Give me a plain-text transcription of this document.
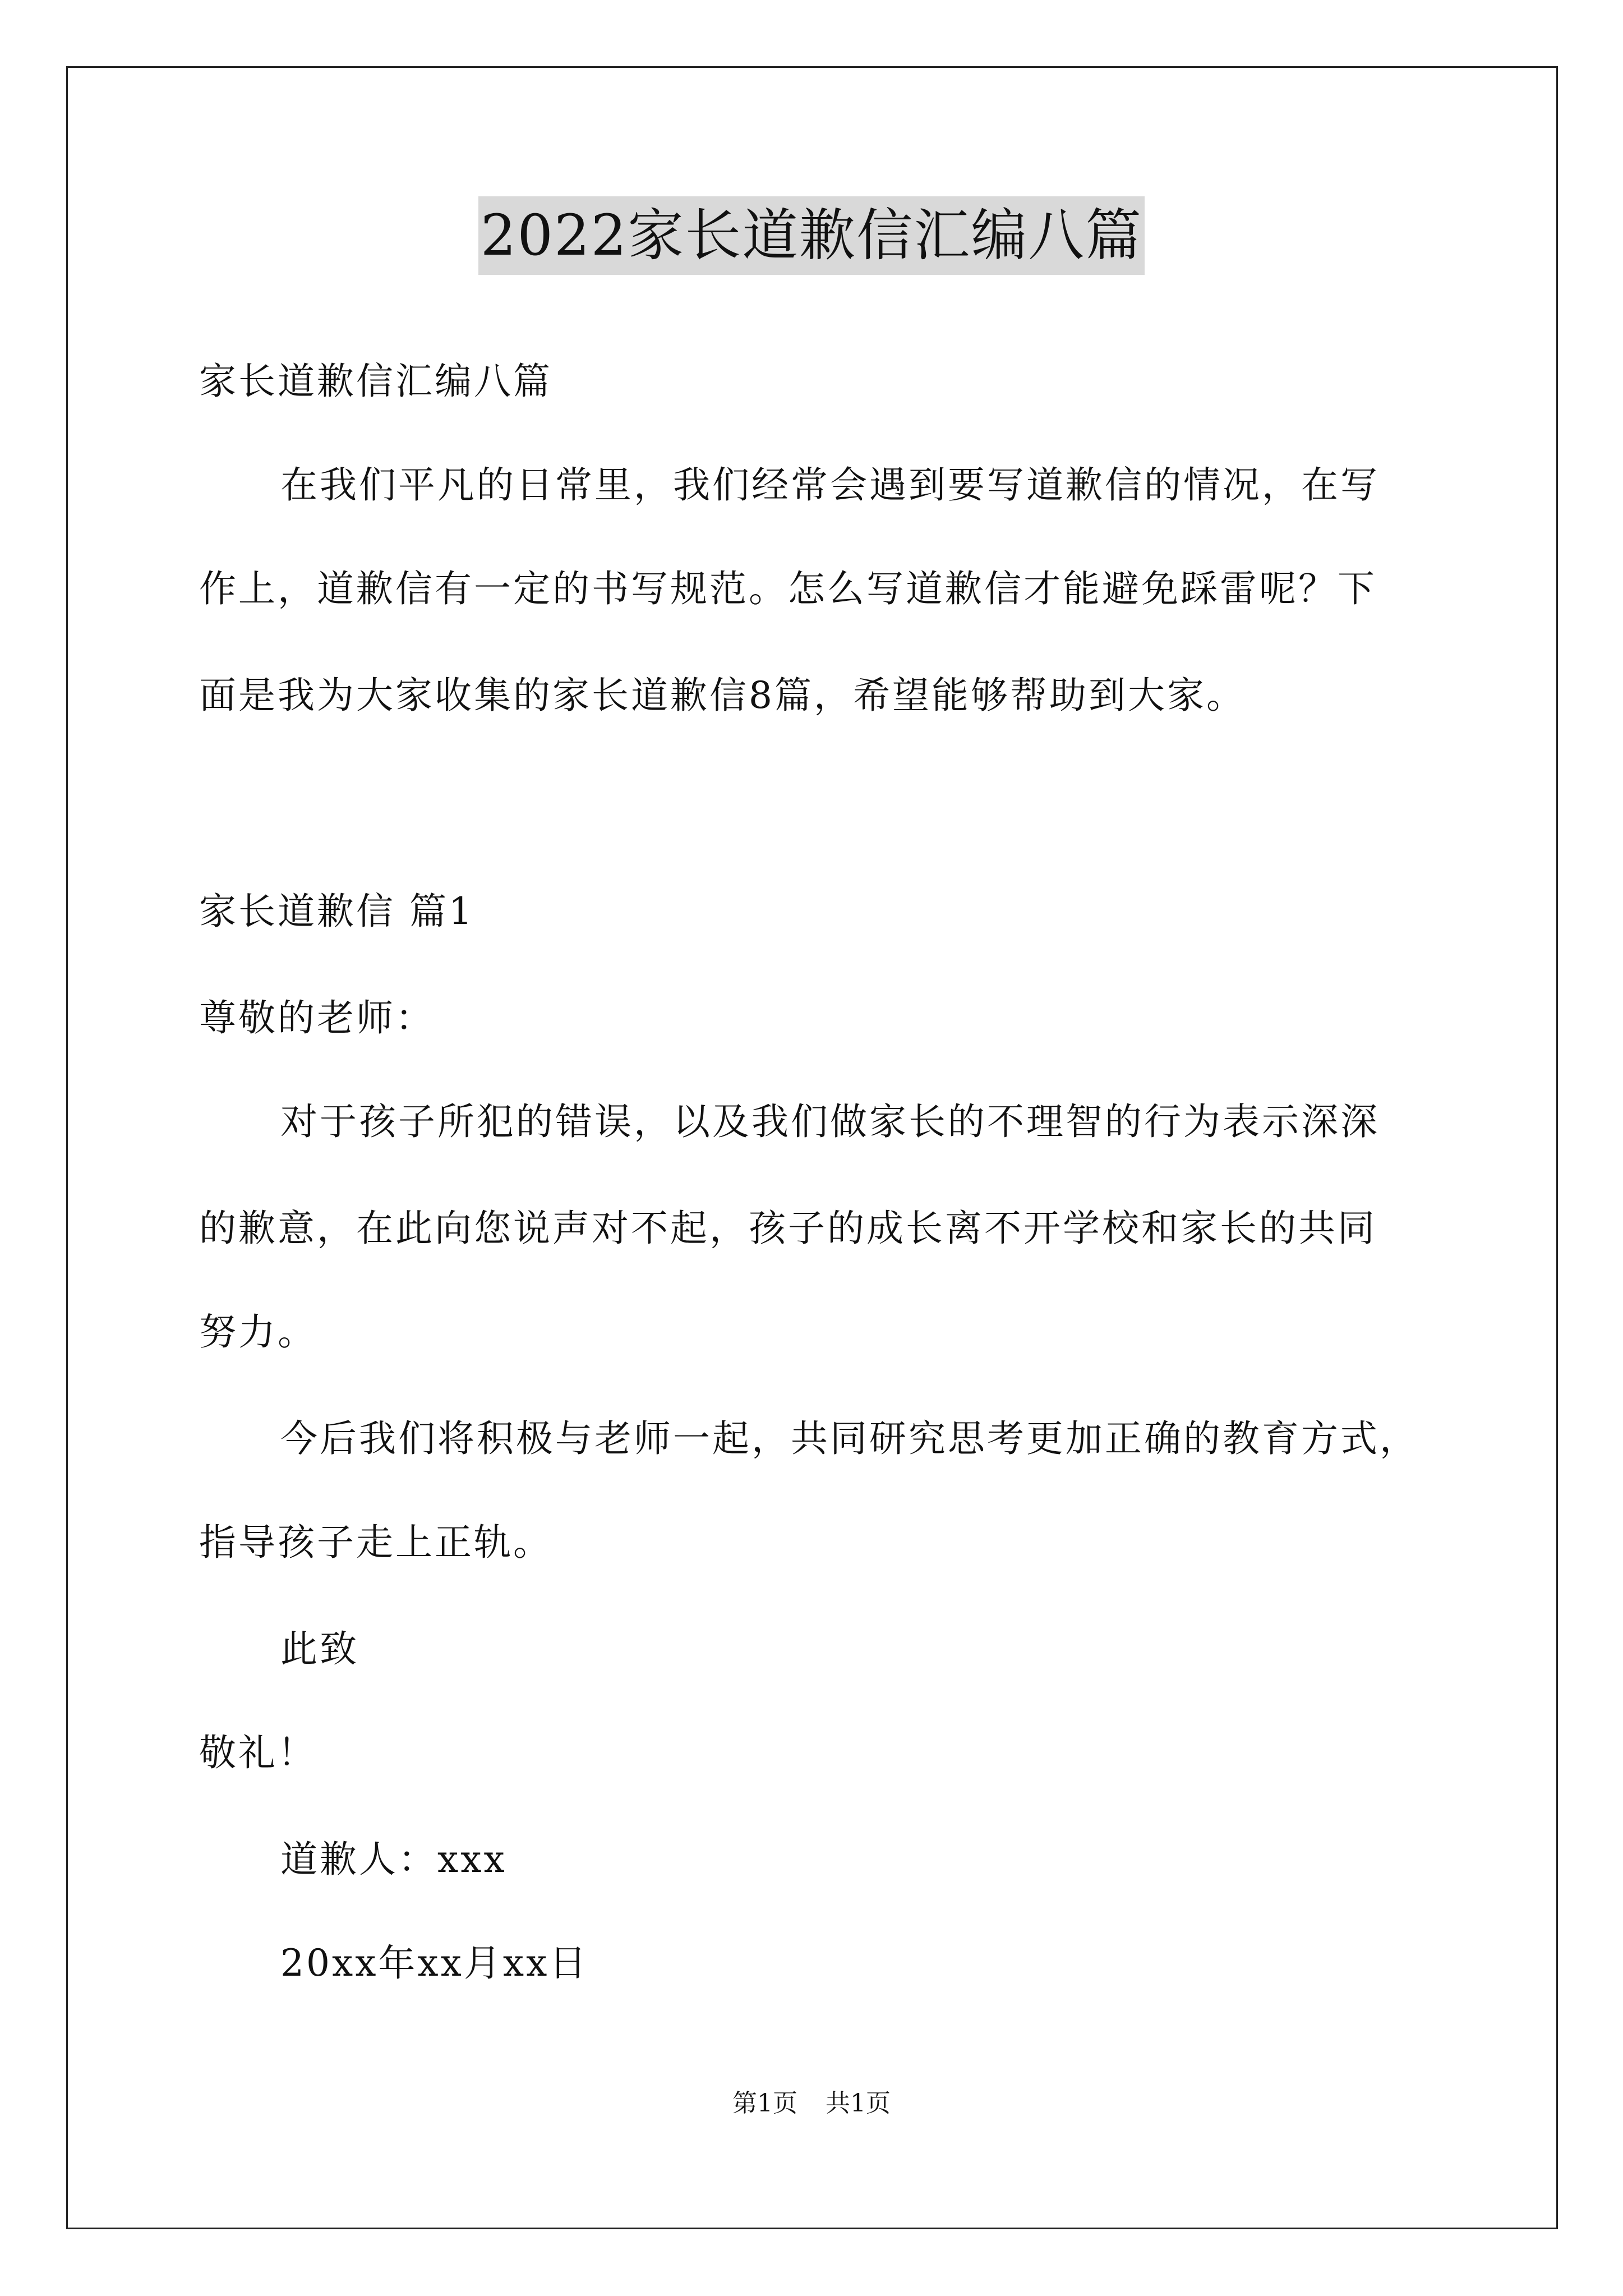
2022家长道歉信汇编八篇
家长道歉信汇编八篇
在我们平凡的日常里，我们经常会遇到要写道歉信的情况，在写
作上，道歉信有一定的书写规范。怎么写道歉信才能避免踩雷呢？下
面是我为大家收集的家长道歉信8篇，希望能够帮助到大家。
家长道歉信 篇1
尊敬的老师：
对于孩子所犯的错误，以及我们做家长的不理智的行为表示深深
的歉意，在此向您说声对不起，孩子的成长离不开学校和家长的共同
努力。
今后我们将积极与老师一起，共同研究思考更加正确的教育方式，
指导孩子走上正轨。
此致
敬礼！
道歉人：xxx
20xx年xx月xx日
第1页 共1页
